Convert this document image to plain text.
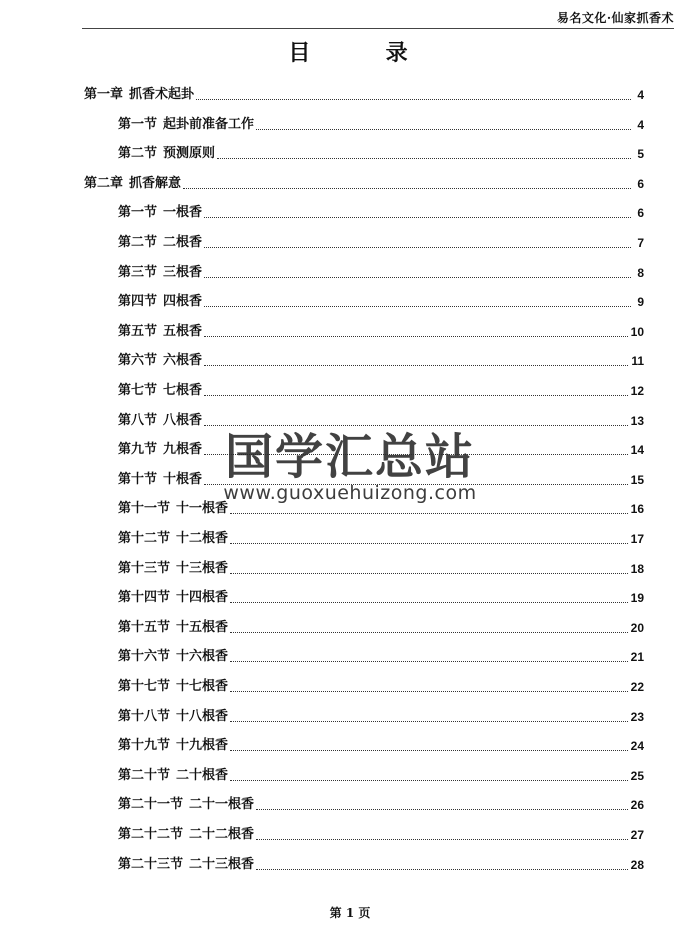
易名文化·仙家抓香术
目	录
第一章 抓香术起卦	4
第一节 起卦前准备工作	4
第二节 预测原则	5
第二章 抓香解意	6
第一节 一根香	6
第二节 二根香	7
第三节 三根香	8
第四节 四根香	9
第五节 五根香	10
第六节 六根香	11
第七节 七根香	12
第八节 八根香	13
第九节 九根香	14
第十节 十根香	15
第十一节 十一根香	16
第十二节 十二根香	17
第十三节 十三根香	18
第十四节 十四根香	19
第十五节 十五根香	20
第十六节 十六根香	21
第十七节 十七根香	22
第十八节 十八根香	23
第十九节 十九根香	24
第二十节 二十根香	25
第二十一节 二十一根香	26
第二十二节 二十二根香	27
第二十三节 二十三根香	28
国学汇总站
www.guoxuehuizong.com
第 1 页
